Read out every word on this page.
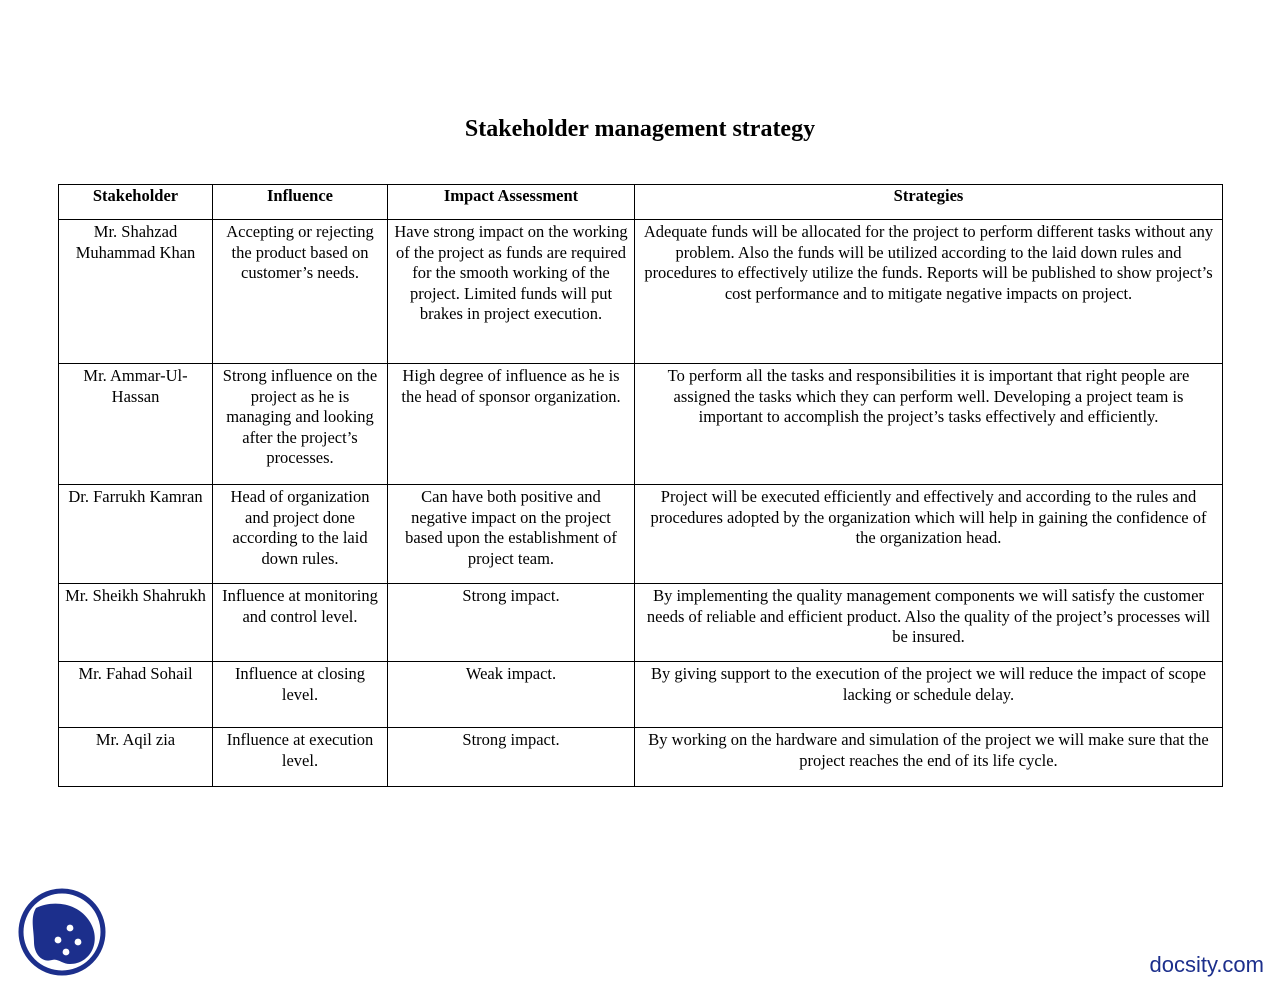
Stakeholder management strategy
Stakeholder	Influence	Impact Assessment	Strategies
Mr. Shahzad Muhammad Khan	Accepting or rejecting the product based on customer’s needs.	Have strong impact on the working of the project as funds are required for the smooth working of the project. Limited funds will put brakes in project execution.	Adequate funds will be allocated for the project to perform different tasks without any problem. Also the funds will be utilized according to the laid down rules and procedures to effectively utilize the funds. Reports will be published to show project’s cost performance and to mitigate negative impacts on project.
Mr. Ammar-Ul-Hassan	Strong influence on the project as he is managing and looking after the project’s processes.	High degree of influence as he is the head of sponsor organization.	To perform all the tasks and responsibilities it is important that right people are assigned the tasks which they can perform well. Developing a project team is important to accomplish the project’s tasks effectively and efficiently.
Dr. Farrukh Kamran	Head of organization and project done according to the laid down rules.	Can have both positive and negative impact on the project based upon the establishment of project team.	Project will be executed efficiently and effectively and according to the rules and procedures adopted by the organization which will help in gaining the confidence of the organization head.
Mr. Sheikh Shahrukh	Influence at monitoring and control level.	Strong impact.	By implementing the quality management components we will satisfy the customer needs of reliable and efficient product. Also the quality of the project’s processes will be insured.
Mr. Fahad Sohail	Influence at closing level.	Weak impact.	By giving support to the execution of the project we will reduce the impact of scope lacking or schedule delay.
Mr. Aqil zia	Influence at execution level.	Strong impact.	By working on the hardware and simulation of the project we will make sure that the project reaches the end of its life cycle.
docsity.com
